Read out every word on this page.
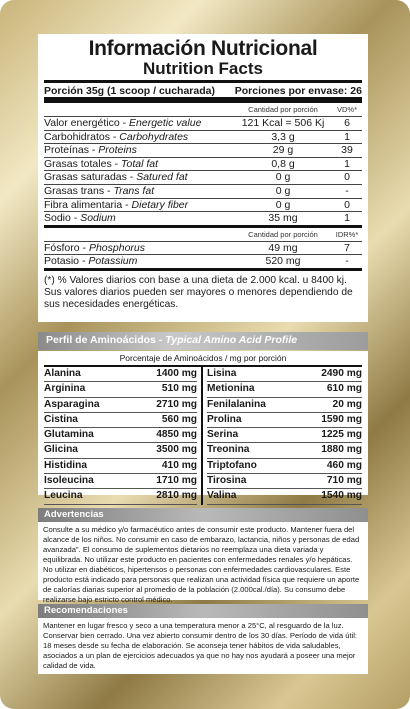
Información Nutricional
Nutrition Facts
Porción 35g (1 scoop / cucharada) Porciones por envase: 26
Cantidad por porción	VD%*
Valor energético - Energetic value	121 Kcal = 506 Kj	6
Carbohidratos - Carbohydrates	3,3 g	1
Proteínas - Proteins	29 g	39
Grasas totales - Total fat	0,8 g	1
Grasas saturadas - Satured fat	0 g	0
Grasas trans - Trans fat	0 g	-
Fibra alimentaria - Dietary fiber	0 g	0
Sodio - Sodium	35 mg	1
Cantidad por porción	IDR%*
Fósforo - Phosphorus	49 mg	7
Potasio - Potassium	520 mg	-
(*) % Valores diarios con base a una dieta de 2.000 kcal. u 8400 kj. Sus valores diarios pueden ser mayores o menores dependiendo de sus necesidades energéticas.
Perfil de Aminoácidos - Typical Amino Acid Profile
Porcentaje de Aminoácidos / mg por porción
Alanina	1400 mg
Arginina	510 mg
Asparagina	2710 mg
Cistina	560 mg
Glutamina	4850 mg
Glicina	3500 mg
Histidina	410 mg
Isoleucina	1710 mg
Leucina	2810 mg
Lisina	2490 mg
Metionina	610 mg
Fenilalanina	20 mg
Prolina	1590 mg
Serina	1225 mg
Treonina	1880 mg
Triptofano	460 mg
Tirosina	710 mg
Valina	1540 mg
Advertencias
Consulte a su médico y/o farmacéutico antes de consumir este producto. Mantener fuera del alcance de los niños. No consumir en caso de embarazo, lactancia, niños y personas de edad avanzada". El consumo de suplementos dietarios no reemplaza una dieta variada y equilibrada. No utilizar este producto en pacientes con enfermedades renales y/o hepáticas. No utilizar en diabéticos, hipertensos o personas con enfermedades cardiovasculares. Este producto está indicado para personas que realizan una actividad física que requiere un aporte de calorías diarias superior al promedio de la población (2.000cal./día). Su consumo debe realizarse bajo estricto control médico.
Recomendaciones
Mantener en lugar fresco y seco a una temperatura menor a 25°C, al resguardo de la luz. Conservar bien cerrado. Una vez abierto consumir dentro de los 30 días. Período de vida útil: 18 meses desde su fecha de elaboración. Se aconseja tener hábitos de vida saludables, asociados a un plan de ejercicios adecuados ya que no hay nos ayudará a poseer una mejor calidad de vida.
